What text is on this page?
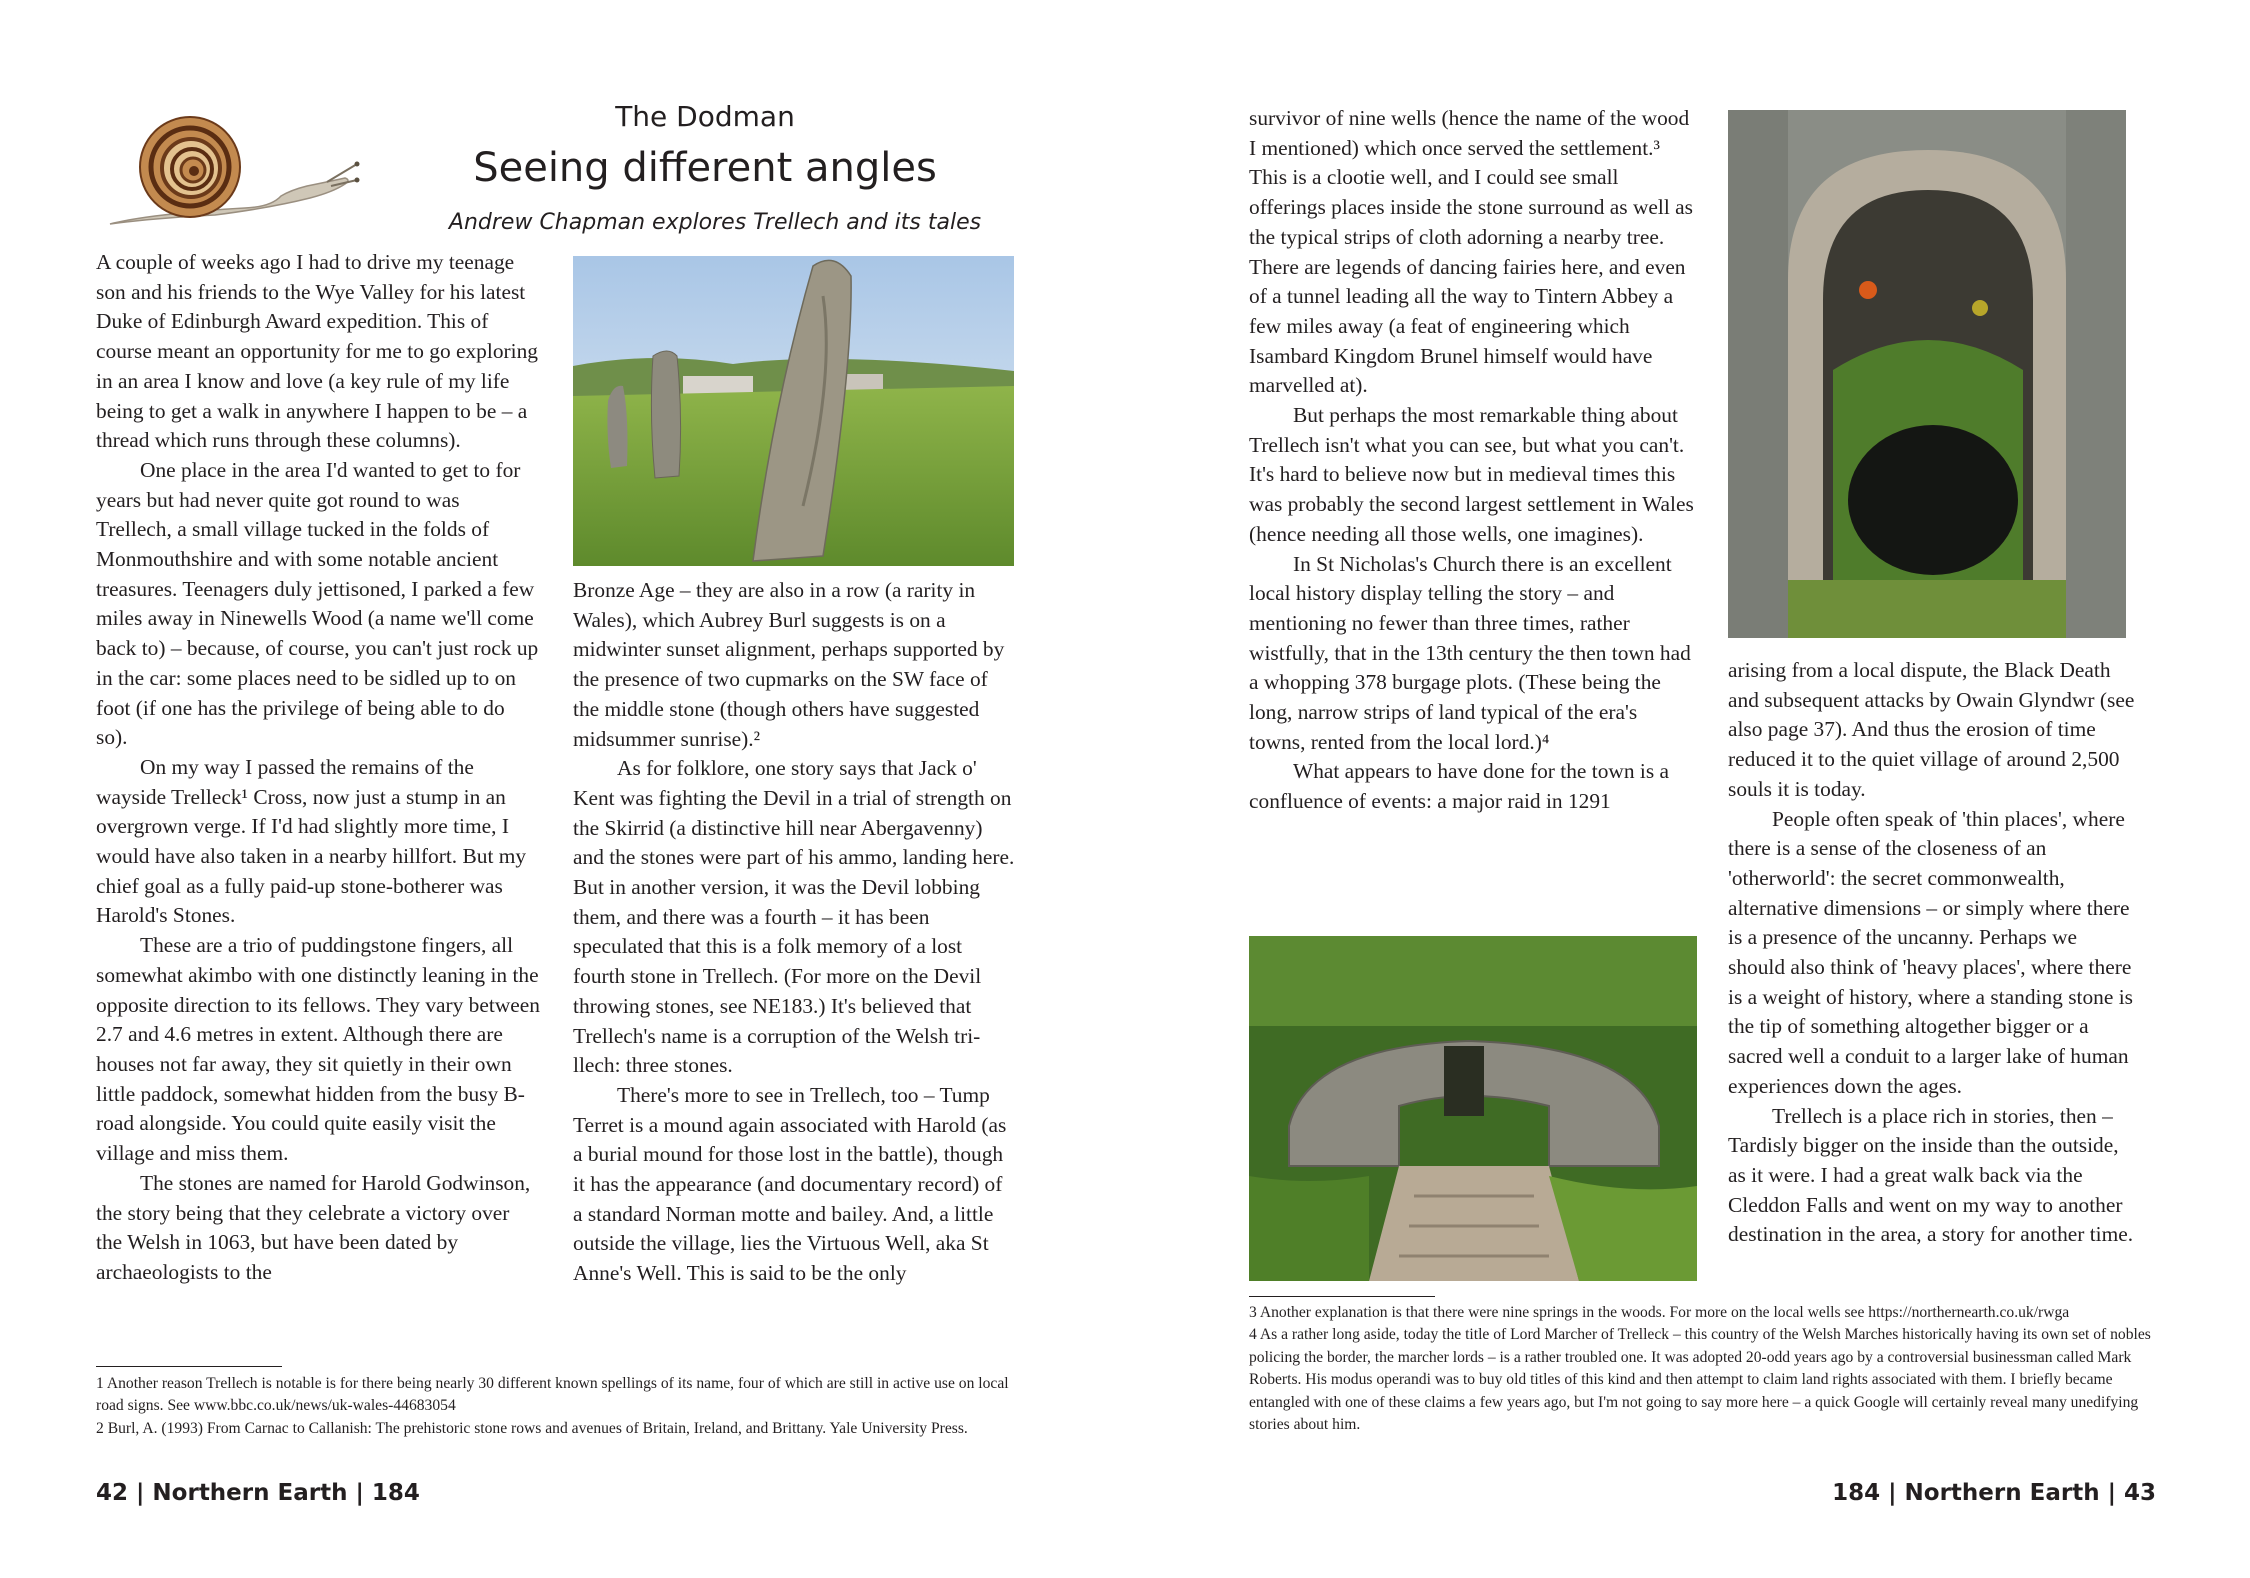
The Dodman
Seeing different angles
Andrew Chapman explores Trellech and its tales

A couple of weeks ago I had to drive my teenage son and his friends to the Wye Valley for his latest Duke of Edinburgh Award expedition. This of course meant an opportunity for me to go exploring in an area I know and love (a key rule of my life being to get a walk in anywhere I happen to be – a thread which runs through these columns).

One place in the area I'd wanted to get to for years but had never quite got round to was Trellech, a small village tucked in the folds of Monmouthshire and with some notable ancient treasures. Teenagers duly jettisoned, I parked a few miles away in Ninewells Wood (a name we'll come back to) – because, of course, you can't just rock up in the car: some places need to be sidled up to on foot (if one has the privilege of being able to do so).

On my way I passed the remains of the wayside Trelleck¹ Cross, now just a stump in an overgrown verge. If I'd had slightly more time, I would have also taken in a nearby hillfort. But my chief goal as a fully paid-up stone-botherer was Harold's Stones.

These are a trio of puddingstone fingers, all somewhat akimbo with one distinctly leaning in the opposite direction to its fellows. They vary between 2.7 and 4.6 metres in extent. Although there are houses not far away, they sit quietly in their own little paddock, somewhat hidden from the busy B-road alongside. You could quite easily visit the village and miss them.

The stones are named for Harold Godwinson, the story being that they celebrate a victory over the Welsh in 1063, but have been dated by archaeologists to the

Bronze Age – they are also in a row (a rarity in Wales), which Aubrey Burl suggests is on a midwinter sunset alignment, perhaps supported by the presence of two cupmarks on the SW face of the middle stone (though others have suggested midsummer sunrise).²

As for folklore, one story says that Jack o' Kent was fighting the Devil in a trial of strength on the Skirrid (a distinctive hill near Abergavenny) and the stones were part of his ammo, landing here. But in another version, it was the Devil lobbing them, and there was a fourth – it has been speculated that this is a folk memory of a lost fourth stone in Trellech. (For more on the Devil throwing stones, see NE183.) It's believed that Trellech's name is a corruption of the Welsh tri-llech: three stones.

There's more to see in Trellech, too – Tump Terret is a mound again associated with Harold (as a burial mound for those lost in the battle), though it has the appearance (and documentary record) of a standard Norman motte and bailey. And, a little outside the village, lies the Virtuous Well, aka St Anne's Well. This is said to be the only

1 Another reason Trellech is notable is for there being nearly 30 different known spellings of its name, four of which are still in active use on local road signs. See www.bbc.co.uk/news/uk-wales-44683054

2 Burl, A. (1993) From Carnac to Callanish: The prehistoric stone rows and avenues of Britain, Ireland, and Brittany. Yale University Press.

42 | Northern Earth | 184

survivor of nine wells (hence the name of the wood I mentioned) which once served the settlement.³ This is a clootie well, and I could see small offerings places inside the stone surround as well as the typical strips of cloth adorning a nearby tree. There are legends of dancing fairies here, and even of a tunnel leading all the way to Tintern Abbey a few miles away (a feat of engineering which Isambard Kingdom Brunel himself would have marvelled at).

But perhaps the most remarkable thing about Trellech isn't what you can see, but what you can't. It's hard to believe now but in medieval times this was probably the second largest settlement in Wales (hence needing all those wells, one imagines).

In St Nicholas's Church there is an excellent local history display telling the story – and mentioning no fewer than three times, rather wistfully, that in the 13th century the then town had a whopping 378 burgage plots. (These being the long, narrow strips of land typical of the era's towns, rented from the local lord.)⁴

What appears to have done for the town is a confluence of events: a major raid in 1291

arising from a local dispute, the Black Death and subsequent attacks by Owain Glyndwr (see also page 37). And thus the erosion of time reduced it to the quiet village of around 2,500 souls it is today.

People often speak of 'thin places', where there is a sense of the closeness of an 'otherworld': the secret commonwealth, alternative dimensions – or simply where there is a presence of the uncanny. Perhaps we should also think of 'heavy places', where there is a weight of history, where a standing stone is the tip of something altogether bigger or a sacred well a conduit to a larger lake of human experiences down the ages.

Trellech is a place rich in stories, then – Tardisly bigger on the inside than the outside, as it were. I had a great walk back via the Cleddon Falls and went on my way to another destination in the area, a story for another time.

3 Another explanation is that there were nine springs in the woods. For more on the local wells see https://northernearth.co.uk/rwga

4 As a rather long aside, today the title of Lord Marcher of Trelleck – this country of the Welsh Marches historically having its own set of nobles policing the border, the marcher lords – is a rather troubled one. It was adopted 20-odd years ago by a controversial businessman called Mark Roberts. His modus operandi was to buy old titles of this kind and then attempt to claim land rights associated with them. I briefly became entangled with one of these claims a few years ago, but I'm not going to say more here – a quick Google will certainly reveal many unedifying stories about him.

184 | Northern Earth | 43
